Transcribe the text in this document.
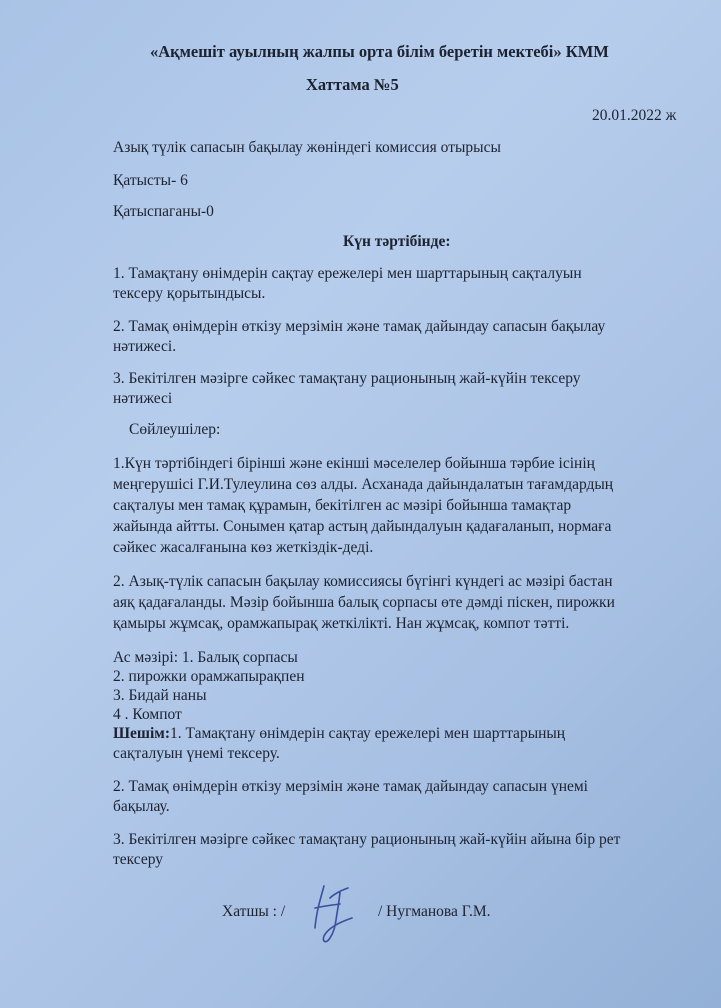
«Ақмешіт ауылның жалпы орта білім беретін мектебі» КММ
Хаттама №5
20.01.2022 ж
Азық түлік сапасын бақылау жөніндегі комиссия отырысы
Қатысты- 6
Қатыспаганы-0
Күн тәртібінде:
1. Тамақтану өнімдерін сақтау ережелері мен шарттарының сақталуын
тексеру қорытындысы.
2. Тамақ өнімдерін өткізу мерзімін және тамақ дайындау сапасын бақылау
нәтижесі.
3. Бекітілген мәзірге сәйкес тамақтану рационының жай-күйін тексеру
нәтижесі
Сөйлеушілер:
1.Күн тәртібіндегі бірінші және екінші мәселелер бойынша тәрбие ісінің
меңгерушісі Г.И.Тулеулина сөз алды. Асханада дайындалатын тағамдардың
сақталуы мен тамақ құрамын, бекітілген ас мәзірі бойынша тамақтар
жайында айтты. Сонымен қатар астың дайындалуын қадағаланып, нормаға
сәйкес жасалғанына көз жеткіздік-деді.
2. Азық-түлік сапасын бақылау комиссиясы бүгінгі күндегі ас мәзірі бастан
аяқ қадағаланды. Мәзір бойынша балық сорпасы өте дәмді піскен, пирожки
қамыры жұмсақ, орамжапырақ жеткілікті. Нан жұмсақ, компот тәтті.
Ас мәзірі: 1. Балық сорпасы
2. пирожки орамжапырақпен
3. Бидай наны
4 . Компот
Шешім:1. Тамақтану өнімдерін сақтау ережелері мен шарттарының
сақталуын үнемі тексеру.
2. Тамақ өнімдерін өткізу мерзімін және тамақ дайындау сапасын үнемі
бақылау.
3. Бекітілген мәзірге сәйкес тамақтану рационының жай-күйін айына бір рет
тексеру
Хатшы : /	/ Нугманова Г.М.
